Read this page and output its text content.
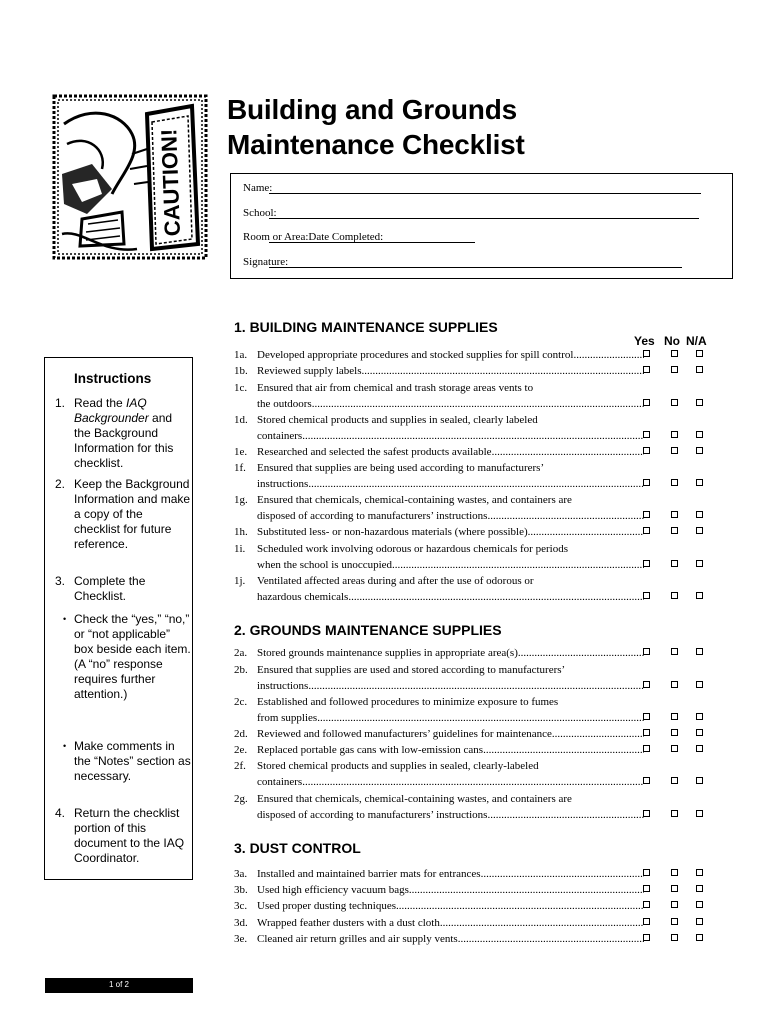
CAUTION!
Building and Grounds
Maintenance Checklist
Name:
School:
Room or Area: Date Completed:
Signature:
Instructions
1. Read the IAQ Backgrounder and the Background Information for this checklist.
2. Keep the Background Information and make a copy of the checklist for future reference.
3. Complete the Checklist.
• Check the “yes,” “no,” or “not applicable” box beside each item. (A “no” response requires further attention.)
• Make comments in the “Notes” section as necessary.
4. Return the checklist portion of this document to the IAQ Coordinator.
1. BUILDING MAINTENANCE SUPPLIES
Yes No N/A
2. GROUNDS MAINTENANCE SUPPLIES
3. DUST CONTROL
1a. Developed appropriate procedures and stocked supplies for spill control .....
1b. Reviewed supply labels .....
1c. Ensured that air from chemical and trash storage areas vents to
the outdoors .....
1d. Stored chemical products and supplies in sealed, clearly labeled
containers .....
1e. Researched and selected the safest products available .....
1f. Ensured that supplies are being used according to manufacturers’
instructions .....
1g. Ensured that chemicals, chemical-containing wastes, and containers are
disposed of according to manufacturers’ instructions .....
1h. Substituted less- or non-hazardous materials (where possible) .....
1i. Scheduled work involving odorous or hazardous chemicals for periods
when the school is unoccupied .....
1j. Ventilated affected areas during and after the use of odorous or
hazardous chemicals .....
2a. Stored grounds maintenance supplies in appropriate area(s) .....
2b. Ensured that supplies are used and stored according to manufacturers’
instructions .....
2c. Established and followed procedures to minimize exposure to fumes
from supplies .....
2d. Reviewed and followed manufacturers’ guidelines for maintenance .....
2e. Replaced portable gas cans with low-emission cans .....
2f. Stored chemical products and supplies in sealed, clearly-labeled
containers .....
2g. Ensured that chemicals, chemical-containing wastes, and containers are
disposed of according to manufacturers’ instructions .....
3a. Installed and maintained barrier mats for entrances .....
3b. Used high efficiency vacuum bags .....
3c. Used proper dusting techniques .....
3d. Wrapped feather dusters with a dust cloth .....
3e. Cleaned air return grilles and air supply vents .....
1 of 2
